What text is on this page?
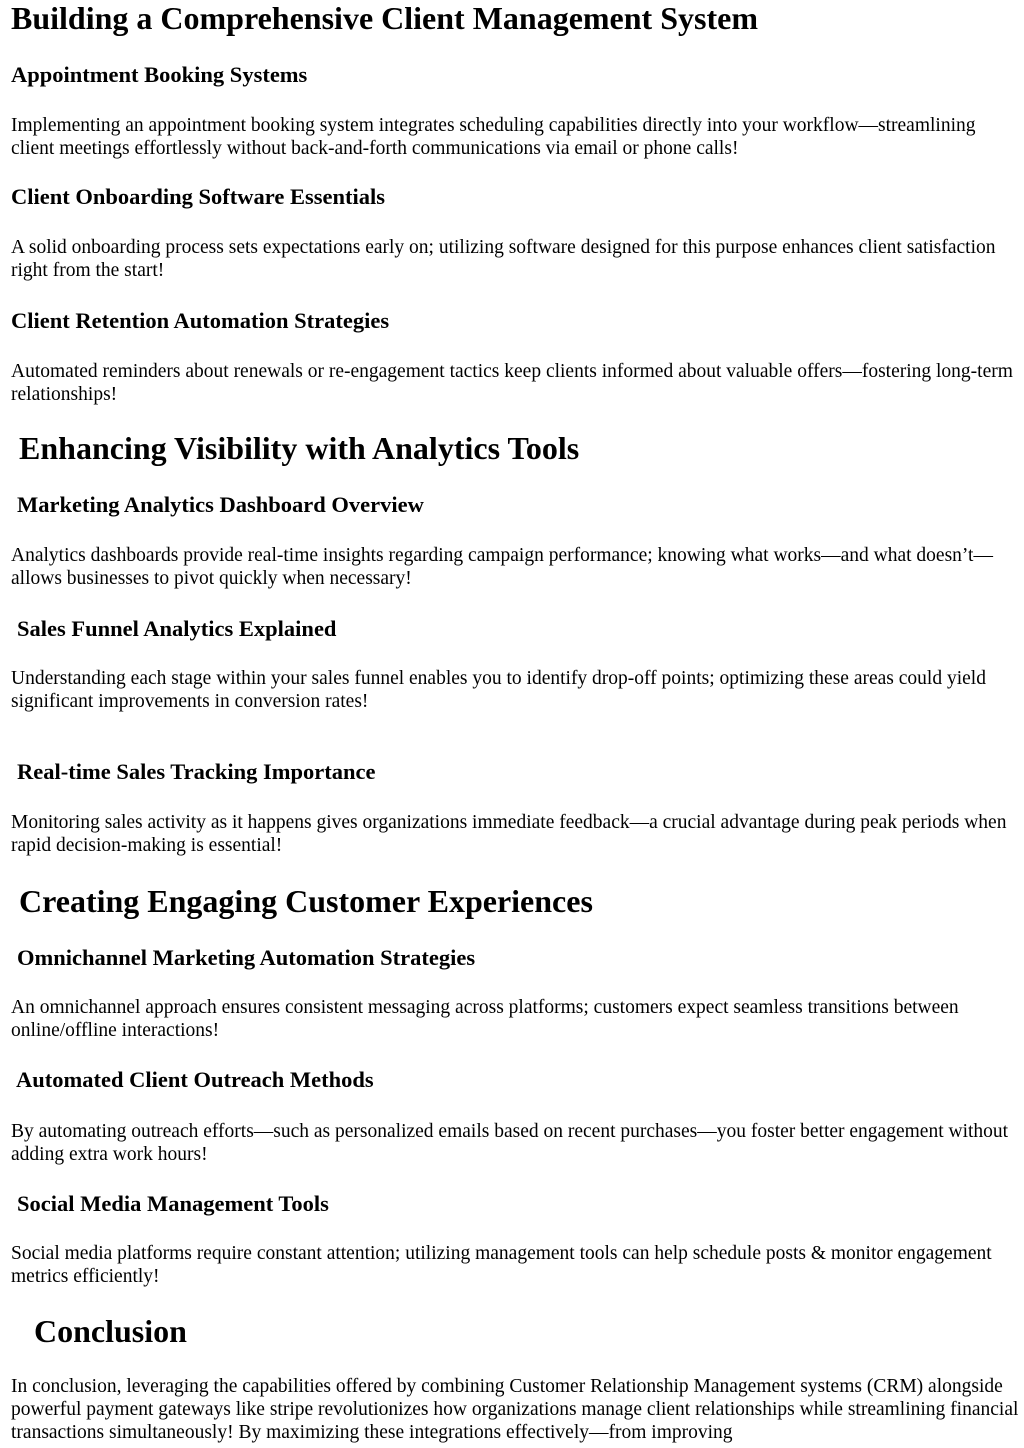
Building a Comprehensive Client Management System
Appointment Booking Systems

Implementing an appointment booking system integrates scheduling capabilities directly into your workflow—streamlining client meetings effortlessly without back-and-forth communications via email or phone calls!

Client Onboarding Software Essentials

A solid onboarding process sets expectations early on; utilizing software designed for this purpose enhances client satisfaction right from the start!

Client Retention Automation Strategies

Automated reminders about renewals or re-engagement tactics keep clients informed about valuable offers—fostering long-term relationships!

Enhancing Visibility with Analytics Tools
Marketing Analytics Dashboard Overview

Analytics dashboards provide real-time insights regarding campaign performance; knowing what works—and what doesn’t—allows businesses to pivot quickly when necessary!

Sales Funnel Analytics Explained

Understanding each stage within your sales funnel enables you to identify drop-off points; optimizing these areas could yield significant improvements in conversion rates!

Real-time Sales Tracking Importance

Monitoring sales activity as it happens gives organizations immediate feedback—a crucial advantage during peak periods when rapid decision-making is essential!

Creating Engaging Customer Experiences
Omnichannel Marketing Automation Strategies

An omnichannel approach ensures consistent messaging across platforms; customers expect seamless transitions between online/offline interactions!

Automated Client Outreach Methods

By automating outreach efforts—such as personalized emails based on recent purchases—you foster better engagement without adding extra work hours!

Social Media Management Tools

Social media platforms require constant attention; utilizing management tools can help schedule posts & monitor engagement metrics efficiently!

Conclusion

In conclusion, leveraging the capabilities offered by combining Customer Relationship Management systems (CRM) alongside powerful payment gateways like stripe revolutionizes how organizations manage client relationships while streamlining financial transactions simultaneously! By maximizing these integrations effectively—from improving
